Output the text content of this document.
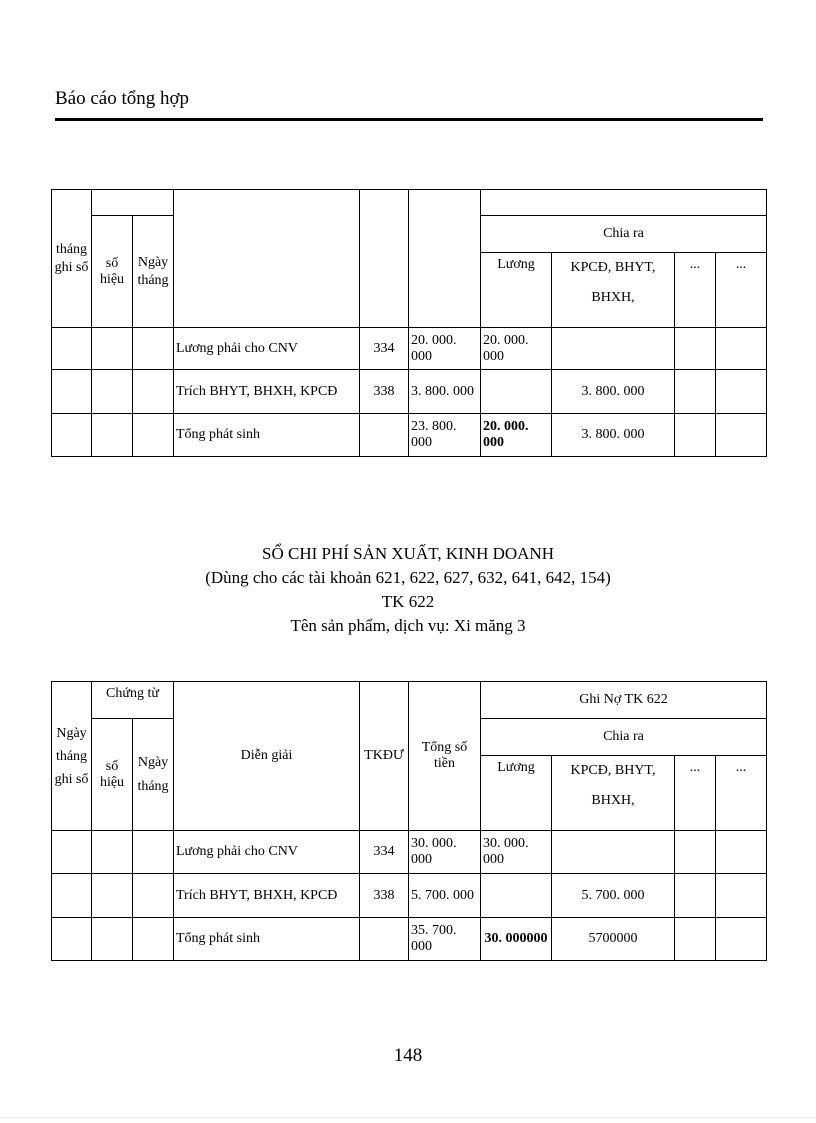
Báo cáo tổng hợp
tháng ghi sổ									
	số hiệu	Ngày tháng				Chia ra			
						Lương	KPCĐ, BHYT, BHXH,	...	...
			Lương phải cho CNV	334	20. 000. 000	20. 000. 000			
			Trích BHYT, BHXH, KPCĐ	338	3. 800. 000		3. 800. 000		
			Tổng phát sinh		23. 800. 000	20. 000. 000	3. 800. 000		
SỔ CHI PHÍ SẢN XUẤT, KINH DOANH
(Dùng cho các tài khoản 621, 622, 627, 632, 641, 642, 154)
TK 622
Tên sản phẩm, dịch vụ: Xi măng 3
Ngày tháng ghi sổ	Chứng từ		Diễn giải	TKĐƯ	Tổng số tiền	Ghi Nợ TK 622			
	số hiệu	Ngày tháng				Chia ra			
						Lương	KPCĐ, BHYT, BHXH,	...	...
			Lương phải cho CNV	334	30. 000. 000	30. 000. 000			
			Trích BHYT, BHXH, KPCĐ	338	5. 700. 000		5. 700. 000		
			Tổng phát sinh		35. 700. 000	30. 000000	5700000		
148
